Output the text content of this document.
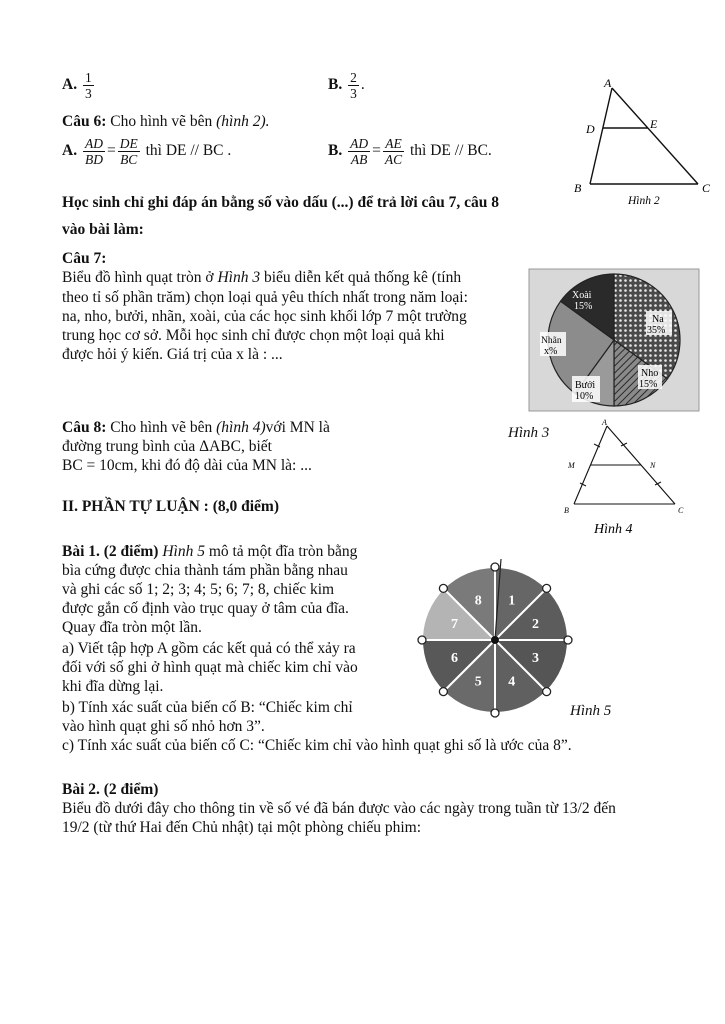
A. $\frac{1}{3}$	B. $\frac{2}{3}$ .
Câu 6: Cho hình vẽ bên (hình 2).
A. $\frac{AD}{BD} = \frac{DE}{BC}$ thì DE // BC .	B. $\frac{AD}{AB} = \frac{AE}{AC}$ thì DE // BC.
A
D	E
B	C
Hình 2
Học sinh chỉ ghi đáp án bằng số vào dấu (...) để trả lời câu 7, câu 8
vào bài làm:
Câu 7:
Biểu đồ hình quạt tròn ở Hình 3 biểu diễn kết quả thống kê (tính
theo tỉ số phần trăm) chọn loại quả yêu thích nhất trong năm loại:
na, nho, bưởi, nhãn, xoài, của các học sinh khối lớp 7 một trường
trung học cơ sở. Mỗi học sinh chỉ được chọn một loại quả khi
được hỏi ý kiến. Giá trị của x là : ...
Xoài
15%
Na
35%
Nhãn
x%
Nho
15%
Bưởi
10%
Hình 3
Câu 8: Cho hình vẽ bên (hình 4)với MN là
đường trung bình của ΔABC, biết
BC = 10cm, khi đó độ dài của MN là: ...
A
M	N
B	C
Hình 4
II. PHẦN TỰ LUẬN : (8,0 điểm)
Bài 1. (2 điểm) Hình 5 mô tả một đĩa tròn bằng
bìa cứng được chia thành tám phần bằng nhau
và ghi các số 1; 2; 3; 4; 5; 6; 7; 8, chiếc kim
được gắn cố định vào trục quay ở tâm của đĩa.
Quay đĩa tròn một lần.
a) Viết tập hợp A gồm các kết quả có thể xảy ra
đối với số ghi ở hình quạt mà chiếc kim chỉ vào
khi đĩa dừng lại.
b) Tính xác suất của biến cố B: “Chiếc kim chỉ
vào hình quạt ghi số nhỏ hơn 3”.
c) Tính xác suất của biến cố C: “Chiếc kim chỉ vào hình quạt ghi số là ước của 8”.
1
2
3
4
5
6
7
8
Hình 5
Bài 2. (2 điểm)
Biểu đồ dưới đây cho thông tin về số vé đã bán được vào các ngày trong tuần từ 13/2 đến
19/2 (từ thứ Hai đến Chủ nhật) tại một phòng chiếu phim:
